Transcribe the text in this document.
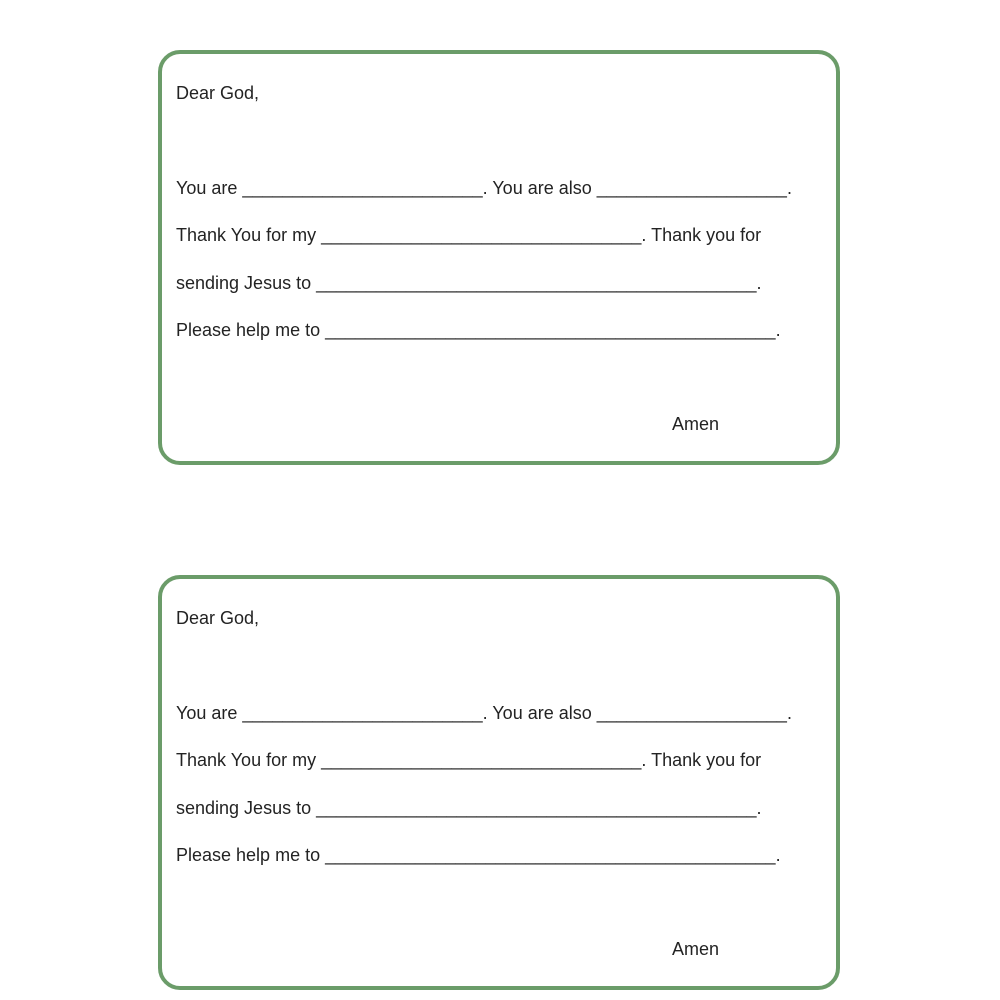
Dear God,
You are ________________________. You are also ___________________.
Thank You for my ________________________________. Thank you for
sending Jesus to ____________________________________________.
Please help me to _____________________________________________.
Amen
Dear God,
You are ________________________. You are also ___________________.
Thank You for my ________________________________. Thank you for
sending Jesus to ____________________________________________.
Please help me to _____________________________________________.
Amen
